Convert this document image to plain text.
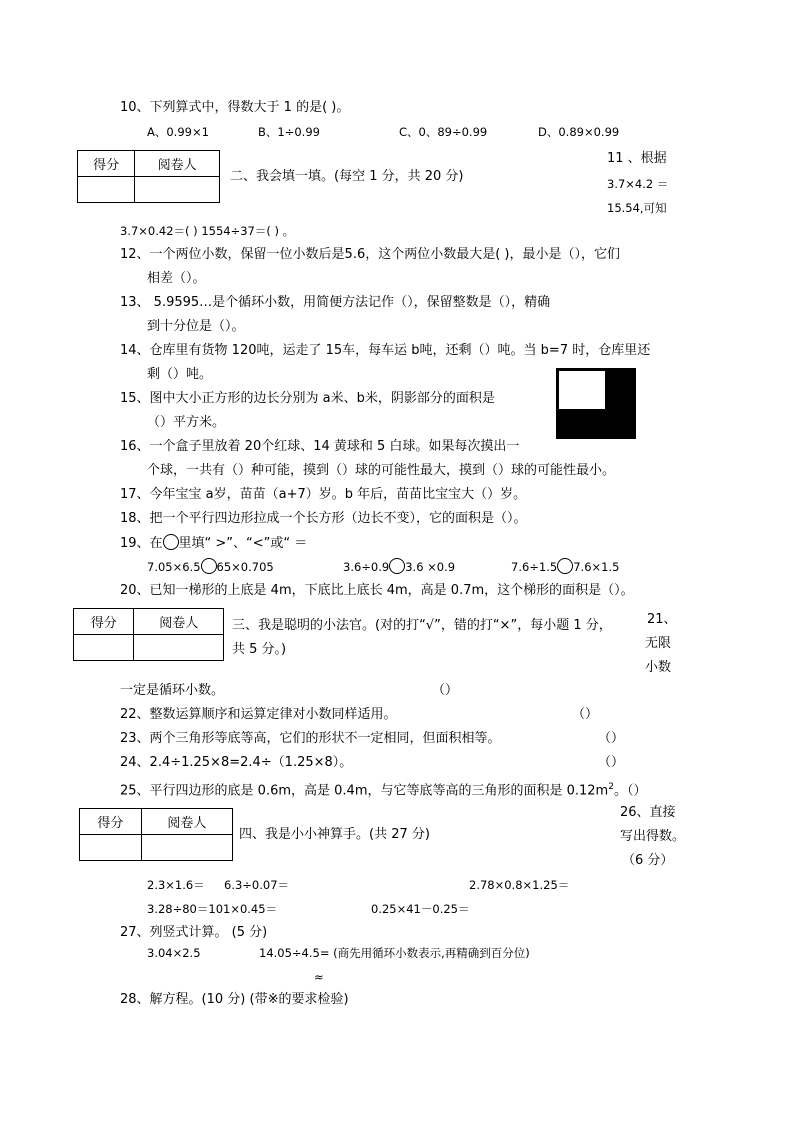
10、下列算式中，得数大于 1 的是( )。
A、0.99×1	B、1÷0.99	C、0、89÷0.99	D、0.89×0.99
得分	阅卷人

二、我会填一填。(每空 1 分，共 20 分)
11 、根据
3.7×4.2 ＝
15.54,可知
3.7×0.42＝( ) 1554÷37＝( ) 。
12、一个两位小数，保留一位小数后是5.6，这个两位小数最大是( )，最小是（），它们
相差（）。
13、 5.9595…是个循环小数，用简便方法记作（），保留整数是（），精确
到十分位是（）。
14、仓库里有货物 120吨，运走了 15车，每车运 b吨，还剩（）吨。当 b=7 时，仓库里还
剩（）吨。
15、图中大小正方形的边长分别为 a米、b米，阴影部分的面积是
（）平方米。
16、一个盒子里放着 20个红球、14 黄球和 5 白球。如果每次摸出一
个球，一共有（）种可能，摸到（）球的可能性最大，摸到（）球的可能性最小。
17、今年宝宝 a岁，苗苗（a+7）岁。b 年后，苗苗比宝宝大（）岁。
18、把一个平行四边形拉成一个长方形（边长不变），它的面积是（）。
19、在 里填“ >”、“<”或“ ＝
7.05×6.5 65×0.705	3.6÷0.9 3.6 ×0.9	7.6÷1.5 7.6×1.5
20、已知一梯形的上底是 4m，下底比上底长 4m，高是 0.7m，这个梯形的面积是（）。
得分	阅卷人
		三、我是聪明的小法官。(对的打“√”，错的打“×”，每小题 1 分，
共 5 分。)
21、
无限
小数
一定是循环小数。	（）
22、整数运算顺序和运算定律对小数同样适用。	（）
23、两个三角形等底等高，它们的形状不一定相同，但面积相等。	（）
24、2.4÷1.25×8=2.4÷（1.25×8）。	（）
25、平行四边形的底是 0.6m，高是 0.4m，与它等底等高的三角形的面积是 $0.12m^2$。（）
得分	阅卷人

四、我是小小神算手。(共 27 分)
26、直接
写出得数。
（6 分）
2.3×1.6＝ 6.3÷0.07＝	2.78×0.8×1.25＝
3.28÷80＝101×0.45＝	0.25×41－0.25＝
27、列竖式计算。 (5 分)
3.04×2.5	14.05÷4.5= (商先用循环小数表示,再精确到百分位)
≈
28、解方程。(10 分) (带※的要求检验)
